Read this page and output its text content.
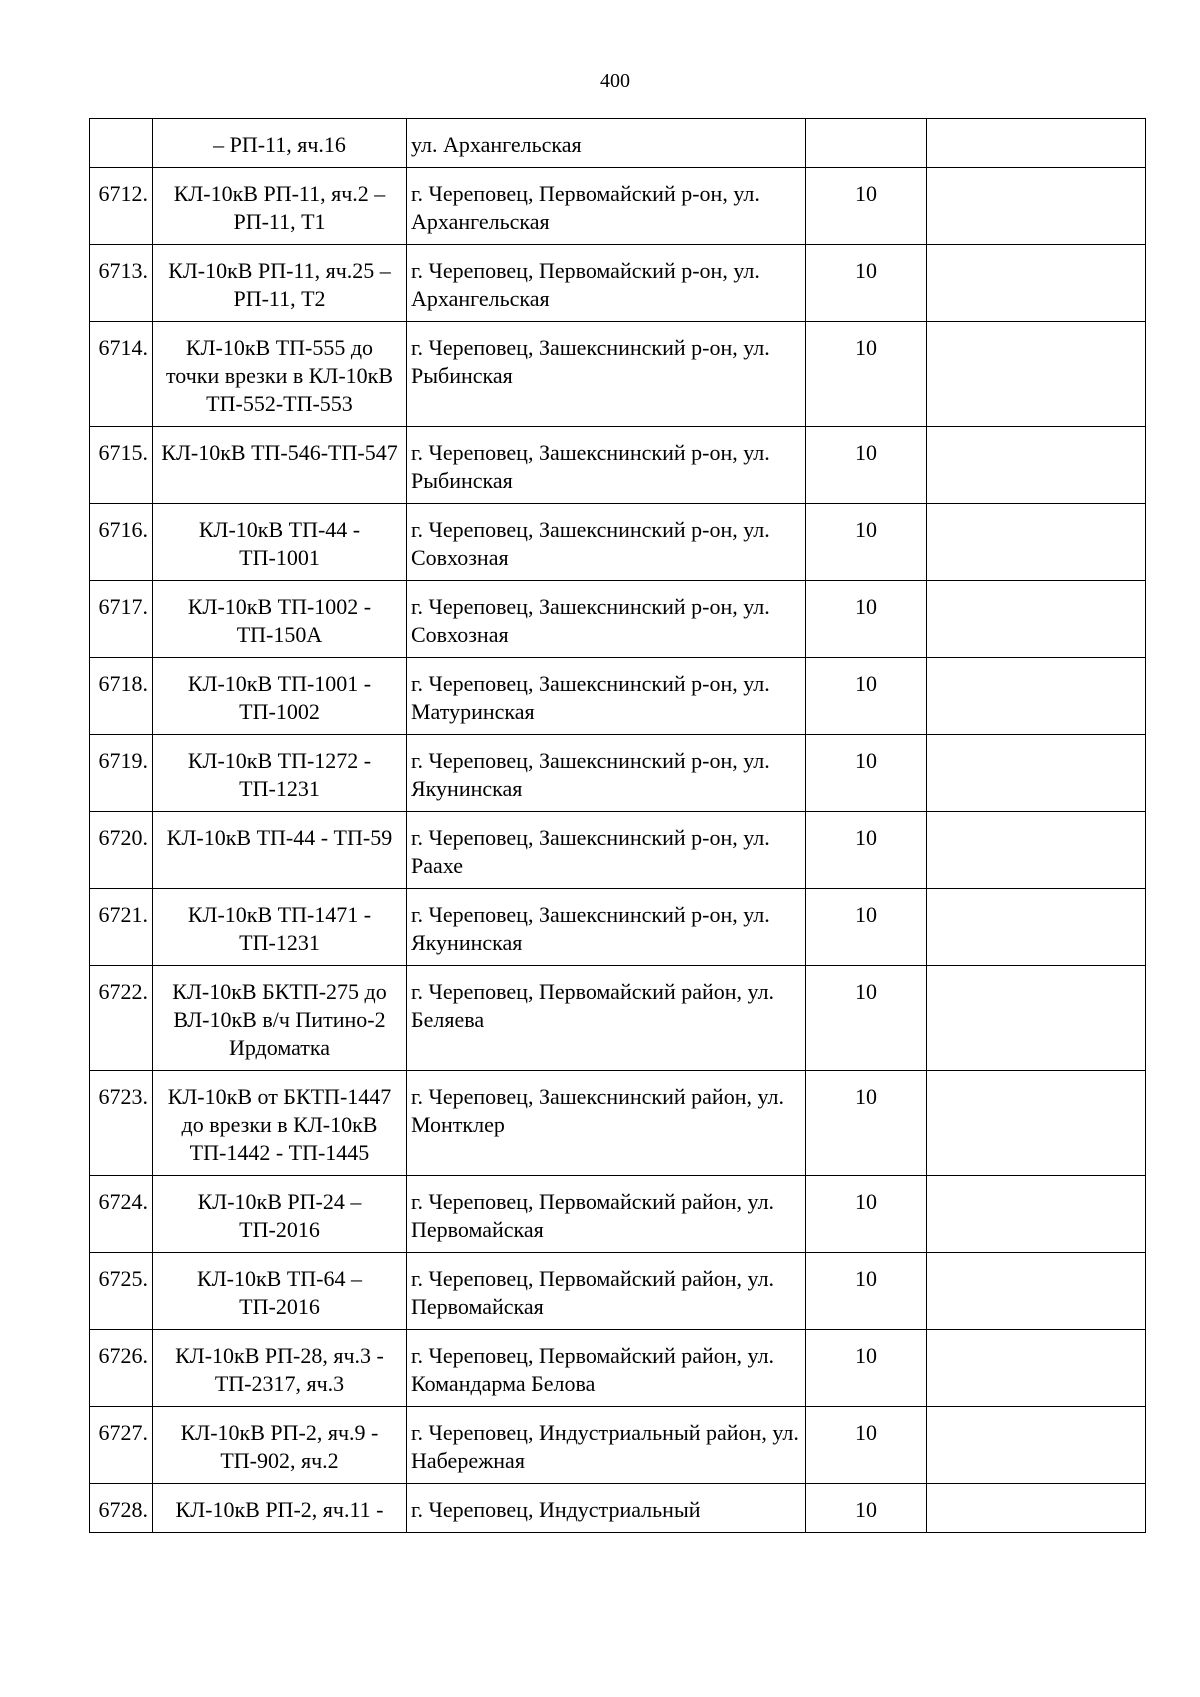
400
	– РП-11, яч.16	ул. Архангельская		
6712.	КЛ-10кВ РП-11, яч.2 – РП-11, Т1	г. Череповец, Первомайский р-он, ул. Архангельская	10	
6713.	КЛ-10кВ РП-11, яч.25 – РП-11, Т2	г. Череповец, Первомайский р-он, ул. Архангельская	10	
6714.	КЛ-10кВ ТП-555 до точки врезки в КЛ-10кВ ТП-552-ТП-553	г. Череповец, Зашекснинский р-он, ул. Рыбинская	10	
6715.	КЛ-10кВ ТП-546-ТП-547	г. Череповец, Зашекснинский р-он, ул. Рыбинская	10	
6716.	КЛ-10кВ ТП-44 - ТП-1001	г. Череповец, Зашекснинский р-он, ул. Совхозная	10	
6717.	КЛ-10кВ ТП-1002 - ТП-150А	г. Череповец, Зашекснинский р-он, ул. Совхозная	10	
6718.	КЛ-10кВ ТП-1001 - ТП-1002	г. Череповец, Зашекснинский р-он, ул. Матуринская	10	
6719.	КЛ-10кВ ТП-1272 - ТП-1231	г. Череповец, Зашекснинский р-он, ул. Якунинская	10	
6720.	КЛ-10кВ ТП-44 - ТП-59	г. Череповец, Зашекснинский р-он, ул. Раахе	10	
6721.	КЛ-10кВ ТП-1471 - ТП-1231	г. Череповец, Зашекснинский р-он, ул. Якунинская	10	
6722.	КЛ-10кВ БКТП-275 до ВЛ-10кВ в/ч Питино-2 Ирдоматка	г. Череповец, Первомайский район, ул. Беляева	10	
6723.	КЛ-10кВ от БКТП-1447 до врезки в КЛ-10кВ ТП-1442 - ТП-1445	г. Череповец, Зашекснинский район, ул. Монтклер	10	
6724.	КЛ-10кВ РП-24 – ТП-2016	г. Череповец, Первомайский район, ул. Первомайская	10	
6725.	КЛ-10кВ ТП-64 – ТП-2016	г. Череповец, Первомайский район, ул. Первомайская	10	
6726.	КЛ-10кВ РП-28, яч.3 - ТП-2317, яч.3	г. Череповец, Первомайский район, ул. Командарма Белова	10	
6727.	КЛ-10кВ РП-2, яч.9 - ТП-902, яч.2	г. Череповец, Индустриальный район, ул. Набережная	10	
6728.	КЛ-10кВ РП-2, яч.11 -	г. Череповец, Индустриальный	10	
